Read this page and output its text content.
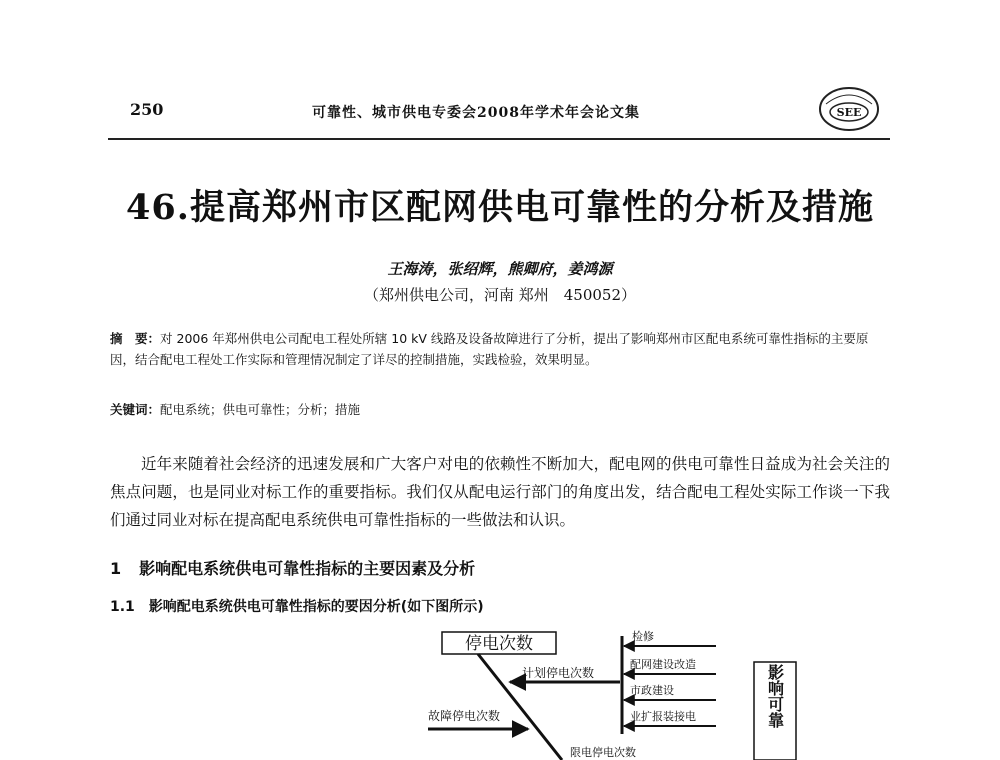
250	可靠性、城市供电专委会2008年学术年会论文集	SEE
46.提高郑州市区配网供电可靠性的分析及措施
王海涛，张绍辉，熊卿府，姜鸿源
（郑州供电公司，河南 郑州　450052）
摘　要：对 2006 年郑州供电公司配电工程处所辖 10 kV 线路及设备故障进行了分析，提出了影响郑州市区配电系统可靠性指标的主要原因，结合配电工程处工作实际和管理情况制定了详尽的控制措施，实践检验，效果明显。
关键词：配电系统；供电可靠性；分析；措施
近年来随着社会经济的迅速发展和广大客户对电的依赖性不断加大，配电网的供电可靠性日益成为社会关注的焦点问题，也是同业对标工作的重要指标。我们仅从配电运行部门的角度出发，结合配电工程处实际工作谈一下我们通过同业对标在提高配电系统供电可靠性指标的一些做法和认识。
1 影响配电系统供电可靠性指标的主要因素及分析
1.1 影响配电系统供电可靠性指标的要因分析(如下图所示)
停电次数
计划停电次数
故障停电次数
检修
配网建设改造
市政建设
业扩报装接电
限电停电次数
影响可靠
